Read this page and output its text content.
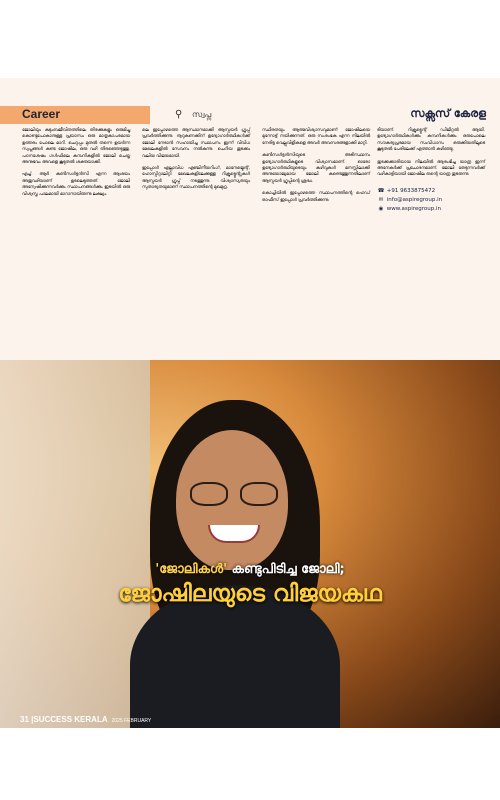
Career	⚲ സ്വപ്ന	സക്സസ് കേരള

ജോലിയും കുടുംബജീവിതത്തിലെ തിരക്കുകളും ഒരുമിച്ചു കൊണ്ടുപോകാനുള്ള പ്രയാസം ഒരു മാതൃകാപരമായ ഉത്തരം പോലെ മാറി. ചെറുപ്പം മുതൽ തന്നെ ഉയർന്ന സ്വപ്നങ്ങൾ കണ്ട ജോഷില, ഒരു വഴി തിരഞ്ഞെടുത്തു. പഠനശേഷം ഗൾഫിലെ കമ്പനികളിൽ ജോലി ചെയ്ത അനുഭവം അവളെ കൂടുതൽ ശക്തയാക്കി.

എച്ച്. ആർ കൺസൾട്ടൻസി എന്ന ആശയം അതുവഴിയാണ് ഉടലെടുത്തത്. ജോലി അന്വേഷിക്കുന്നവർക്കും സ്ഥാപനങ്ങൾക്കും ഇടയിൽ ഒരു വിശ്വസ്ത പാലമായി മാറാനായിരുന്നു ലക്ഷ്യം.

ലെ ഇപ്പോഴത്തെ ആസ്ഥാനമാക്കി ആസ്പയർ ഗ്രൂപ്പ് പ്രവർത്തിക്കുന്നു. നൂറുകണക്കിന് ഉദ്യോഗാർത്ഥികൾക്ക് ജോലി നേടാൻ സഹായിച്ച സ്ഥാപനം ഇന്ന് വിവിധ മേഖലകളിൽ സേവനം നൽകുന്നു. ചെറിയ തുടക്കം വലിയ വിജയമായി.

ഇപ്പോൾ എല്ലാവിധ എഞ്ചിനീയറിംഗ്, മാനേജ്മെന്റ്, ഹോസ്പിറ്റാലിറ്റി മേഖലകളിലേക്കുള്ള റിക്രൂട്ട്മെന്റുകൾ ആസ്പയർ ഗ്രൂപ്പ് നടത്തുന്നു. വിശ്വാസ്യതയും സുതാര്യതയുമാണ് സ്ഥാപനത്തിന്റെ മുഖമുദ്ര.

സ്ഥിരതയും ആത്മവിശ്വാസവുമാണ് ജോഷിലയെ മുന്നോട്ട് നയിക്കുന്നത്. ഒരു സംരംഭക എന്ന നിലയിൽ നേരിട്ട വെല്ലുവിളികളെ അവർ അവസരങ്ങളാക്കി മാറ്റി.

കൺസൾട്ടൻസിയുടെ അടിസ്ഥാനം ഉദ്യോഗാർത്ഥികളുടെ വിശ്വാസമാണ്. ഓരോ ഉദ്യോഗാർത്ഥിയുടെയും കഴിവുകൾ മനസ്സിലാക്കി അനുയോജ്യമായ ജോലി കണ്ടെത്തുന്നതിലാണ് ആസ്പയർ ഗ്രൂപ്പിന്റെ ശ്രദ്ധ.

കൊച്ചിയിൽ ഇപ്പോഴത്തെ സ്ഥാപനത്തിന്റെ ഹെഡ് ഓഫീസ് ഇപ്പോൾ പ്രവർത്തിക്കുന്നു.

ടിയാണ്. റിക്രൂട്ട്മെന്റ് ഡിജിറ്റൽ ആയി. ഉദ്യോഗാർത്ഥികൾക്കും കമ്പനികൾക്കും ഒരുപോലെ സൗകര്യപ്രദമായ സംവിധാനം ഒരുക്കിയതിലൂടെ കൂടുതൽ പേരിലേക്ക് എത്താൻ കഴിഞ്ഞു.

തുടക്കക്കാരിയായ നിലയിൽ ആരംഭിച്ച യാത്ര ഇന്ന് അനേകർക്ക് പ്രചോദനമാണ്. ജോലി തേടുന്നവർക്ക് വഴികാട്ടിയായി ജോഷില തന്റെ യാത്ര തുടരുന്നു.

☎ +91 9633875472
✉ info@aspiregroup.in
◉ www.aspiregroup.in
'ജോലികൾ' കണ്ടുപിടിച്ച ജോലി;
ജോഷിലയുടെ വിജയകഥ
31 |SUCCESS KERALA 2025 FEBRUARY
